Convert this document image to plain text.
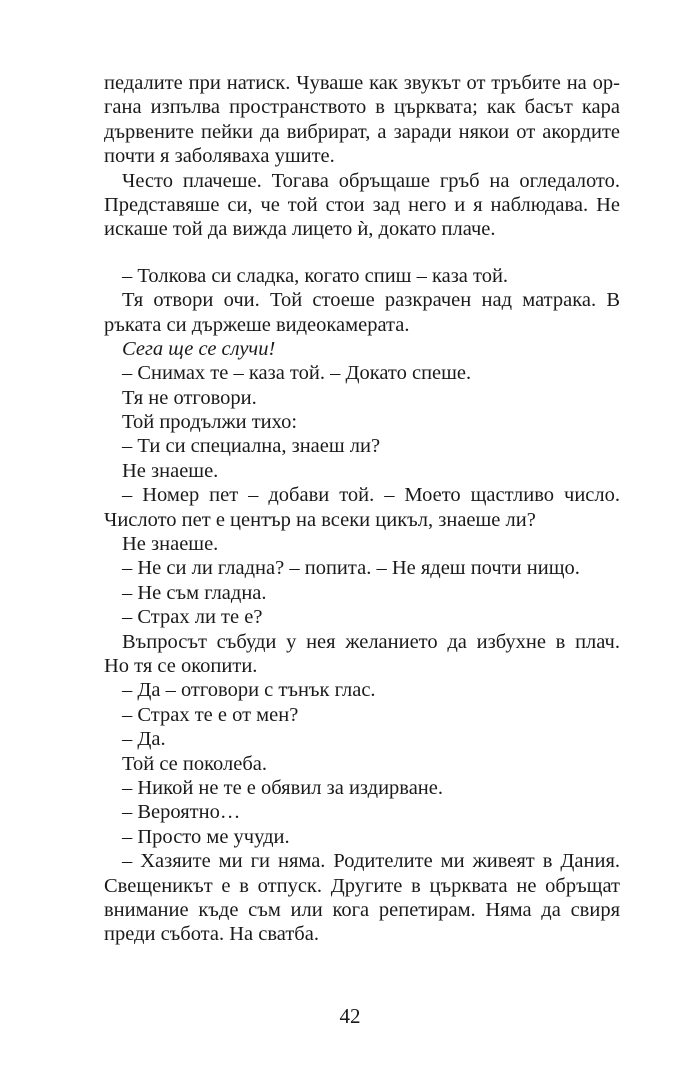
педалите при натиск. Чуваше как звукът от тръбите на ор-
гана изпълва пространството в църквата; как басът кара
дървените пейки да вибрират, а заради някои от акордите
почти я заболяваха ушите.
Често плачеше. Тогава обръщаше гръб на огледалото.
Представяше си, че той стои зад него и я наблюдава. Не
искаше той да вижда лицето ѝ, докато плаче.
– Толкова си сладка, когато спиш – каза той.
Тя отвори очи. Той стоеше разкрачен над матрака. В
ръката си държеше видеокамерата.
Сега ще се случи!
– Снимах те – каза той. – Докато спеше.
Тя не отговори.
Той продължи тихо:
– Ти си специална, знаеш ли?
Не знаеше.
– Номер пет – добави той. – Моето щастливо число.
Числото пет е център на всеки цикъл, знаеше ли?
Не знаеше.
– Не си ли гладна? – попита. – Не ядеш почти нищо.
– Не съм гладна.
– Страх ли те е?
Въпросът събуди у нея желанието да избухне в плач.
Но тя се окопити.
– Да – отговори с тънък глас.
– Страх те е от мен?
– Да.
Той се поколеба.
– Никой не те е обявил за издирване.
– Вероятно…
– Просто ме учуди.
– Хазяите ми ги няма. Родителите ми живеят в Дания.
Свещеникът е в отпуск. Другите в църквата не обръщат
внимание къде съм или кога репетирам. Няма да свиря
преди събота. На сватба.
42
